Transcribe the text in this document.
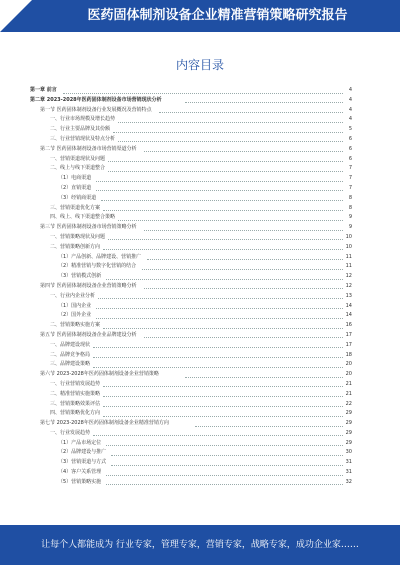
医药固体制剂设备企业精准营销策略研究报告
内容目录
第一章 前言	4
第二章 2023-2028年医药固体制剂设备市场营销现状分析	4
第一节 医药固体制剂设备行业发展概况及营销特点	4
一、行业市场规模及增长趋势	4
二、行业主要品牌及其份额	5
三、行业营销现状及特点分析	6
第二节 医药固体制剂设备市场营销渠道分析	6
一、营销渠道现状及问题	6
二、线上与线下渠道整合	7
（1）电商渠道	7
（2）直销渠道	7
（3）经销商渠道	8
三、营销渠道优化方案	8
四、线上、线下渠道整合策略	9
第三节 医药固体制剂设备市场营销策略分析	9
一、营销策略现状及问题	10
二、营销策略创新方向	10
（1）产品创新、品牌建设、营销推广	11
（2）精准营销与数字化营销的结合	11
（3）营销模式创新	12
第四节 医药固体制剂设备企业营销策略分析	12
一、行业内企业分析	13
（1）国内企业	14
（2）国外企业	14
二、营销策略实施方案	16
第五节 医药固体制剂设备企业品牌建设分析	17
一、品牌建设现状	17
二、品牌竞争格局	18
三、品牌建设策略	20
第六节 2023-2028年医药固体制剂设备企业营销策略	20
一、行业营销发展趋势	21
二、精准营销实施策略	21
三、营销策略效果评估	22
四、营销策略优化方向	29
第七节 2023-2028年医药固体制剂设备企业精准营销方向	29
一、行业发展趋势	29
（1）产品市场定位	29
（2）品牌建设与推广	30
（3）营销渠道与方式	31
（4）客户关系管理	31
（5）营销策略实施	32
让每个人都能成为 行业专家，管理专家，营销专家，战略专家，成功企业家……
